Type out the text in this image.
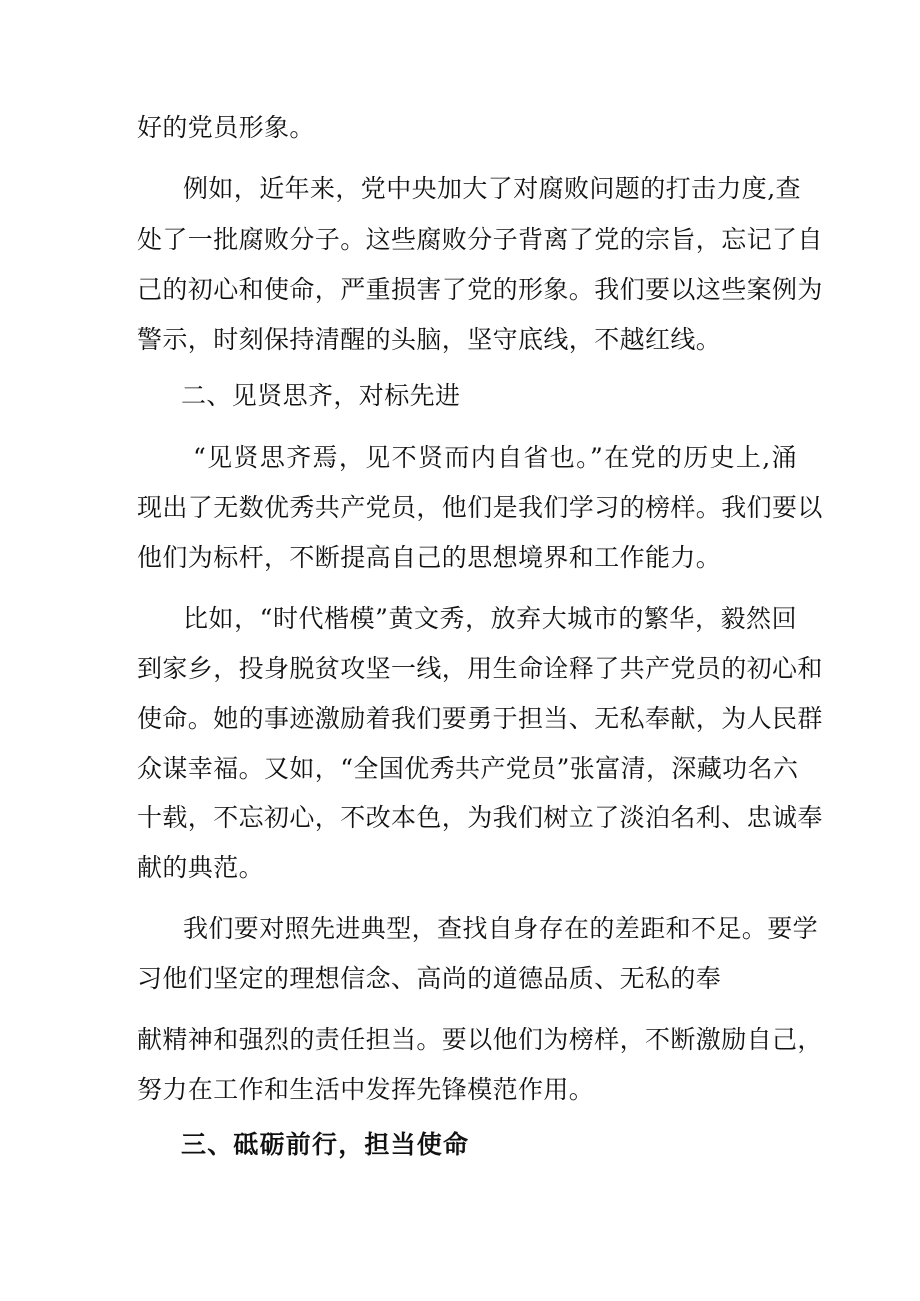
好的党员形象。
例如，近年来，党中央加大了对腐败问题的打击力度,查
处了一批腐败分子。这些腐败分子背离了党的宗旨，忘记了自
己的初心和使命，严重损害了党的形象。我们要以这些案例为
警示，时刻保持清醒的头脑，坚守底线，不越红线。
二、见贤思齐，对标先进
“见贤思齐焉，见不贤而内自省也。”在党的历史上,涌
现出了无数优秀共产党员，他们是我们学习的榜样。我们要以
他们为标杆，不断提高自己的思想境界和工作能力。
比如，“时代楷模”黄文秀，放弃大城市的繁华，毅然回
到家乡，投身脱贫攻坚一线，用生命诠释了共产党员的初心和
使命。她的事迹激励着我们要勇于担当、无私奉献，为人民群
众谋幸福。又如，“全国优秀共产党员”张富清，深藏功名六
十载，不忘初心，不改本色，为我们树立了淡泊名利、忠诚奉
献的典范。
我们要对照先进典型，查找自身存在的差距和不足。要学
习他们坚定的理想信念、高尚的道德品质、无私的奉
献精神和强烈的责任担当。要以他们为榜样，不断激励自己，
努力在工作和生活中发挥先锋模范作用。
三、砥砺前行，担当使命
